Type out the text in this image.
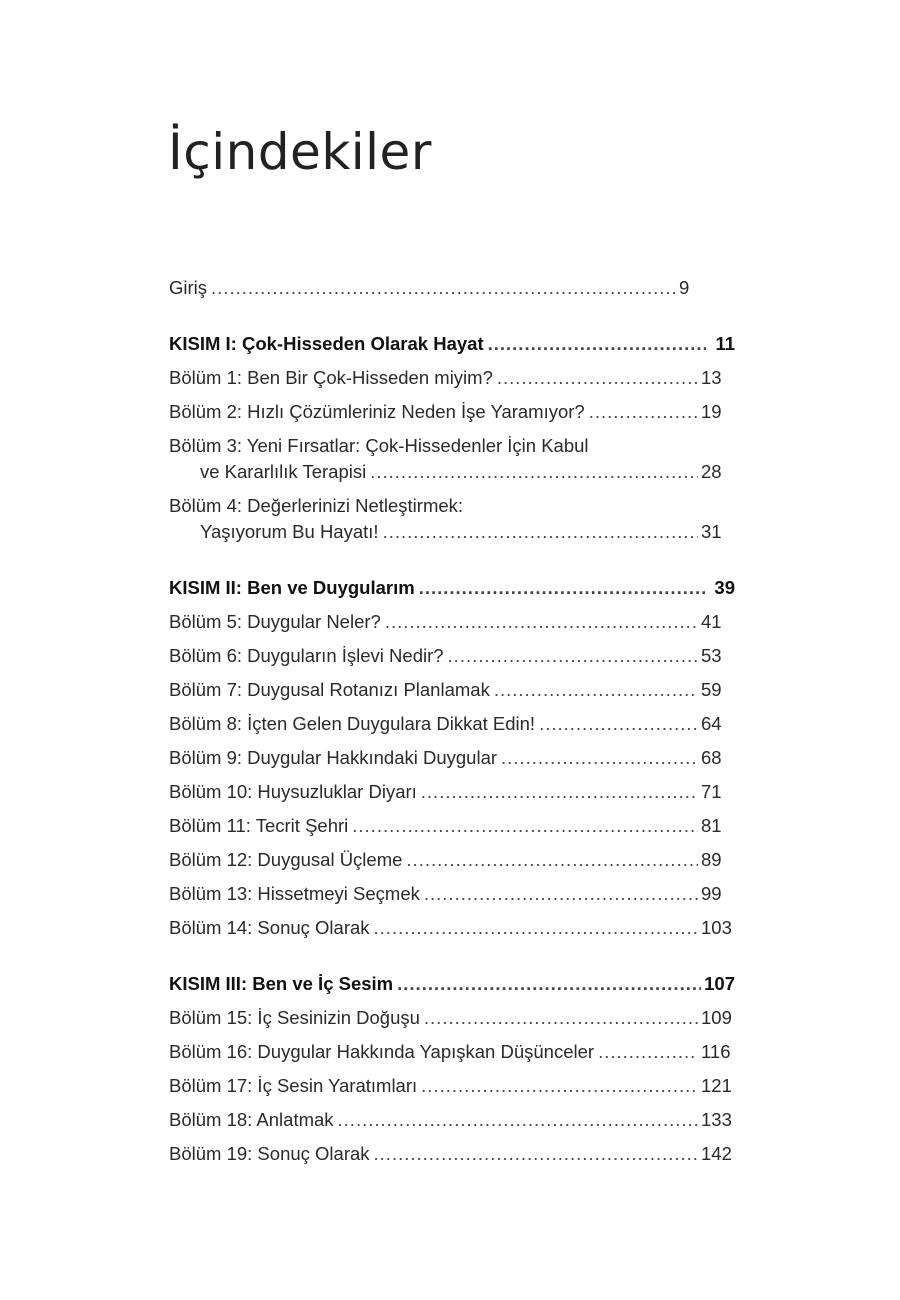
İçindekiler
Giriş .....	9
KISIM I: Çok-Hisseden Olarak Hayat .....	11
Bölüm 1: Ben Bir Çok-Hisseden miyim? .....	13
Bölüm 2: Hızlı Çözümleriniz Neden İşe Yaramıyor? .....	19
Bölüm 3: Yeni Fırsatlar: Çok-Hissedenler İçin Kabul
ve Kararlılık Terapisi .....	28
Bölüm 4: Değerlerinizi Netleştirmek:
Yaşıyorum Bu Hayatı! .....	31
KISIM II: Ben ve Duygularım .....	39
Bölüm 5: Duygular Neler? .....	41
Bölüm 6: Duyguların İşlevi Nedir? .....	53
Bölüm 7: Duygusal Rotanızı Planlamak .....	59
Bölüm 8: İçten Gelen Duygulara Dikkat Edin! .....	64
Bölüm 9: Duygular Hakkındaki Duygular .....	68
Bölüm 10: Huysuzluklar Diyarı .....	71
Bölüm 11: Tecrit Şehri .....	81
Bölüm 12: Duygusal Üçleme .....	89
Bölüm 13: Hissetmeyi Seçmek .....	99
Bölüm 14: Sonuç Olarak .....	103
KISIM III: Ben ve İç Sesim .....	107
Bölüm 15: İç Sesinizin Doğuşu .....	109
Bölüm 16: Duygular Hakkında Yapışkan Düşünceler .....	116
Bölüm 17: İç Sesin Yaratımları .....	121
Bölüm 18: Anlatmak .....	133
Bölüm 19: Sonuç Olarak .....	142
